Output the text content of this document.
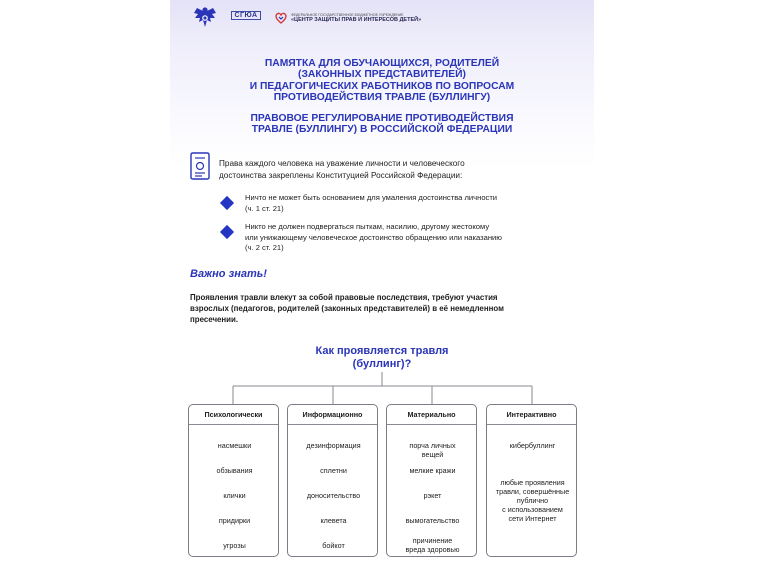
СГЮА
	ФЕДЕРАЛЬНОЕ ГОСУДАРСТВЕННОЕ БЮДЖЕТНОЕ УЧРЕЖДЕНИЕ
«ЦЕНТР ЗАЩИТЫ ПРАВ И ИНТЕРЕСОВ ДЕТЕЙ»
ПАМЯТКА ДЛЯ ОБУЧАЮЩИХСЯ, РОДИТЕЛЕЙ
(ЗАКОННЫХ ПРЕДСТАВИТЕЛЕЙ)
И ПЕДАГОГИЧЕСКИХ РАБОТНИКОВ ПО ВОПРОСАМ
ПРОТИВОДЕЙСТВИЯ ТРАВЛЕ (БУЛЛИНГУ)
ПРАВОВОЕ РЕГУЛИРОВАНИЕ ПРОТИВОДЕЙСТВИЯ
ТРАВЛЕ (БУЛЛИНГУ) В РОССИЙСКОЙ ФЕДЕРАЦИИ
Права каждого человека на уважение личности и человеческого
достоинства закреплены Конституцией Российской Федерации:
Ничто не может быть основанием для умаления достоинства личности
(ч. 1 ст. 21)
Никто не должен подвергаться пыткам, насилию, другому жестокому
или унижающему человеческое достоинство обращению или наказанию
(ч. 2 ст. 21)
Важно знать!
Проявления травли влекут за собой правовые последствия, требуют участия
взрослых (педагогов, родителей (законных представителей) в её немедленном
пресечении.
Как проявляется травля
(буллинг)?
Психологически
насмешки
обзывания
клички
придирки
угрозы
Информационно
дезинформация
сплетни
доносительство
клевета
бойкот
Материально
порча личных
вещей
мелкие кражи
рэкет
вымогательство
причинение
вреда здоровью
Интерактивно
кибербуллинг
любые проявления
травли, совершённые
публично
с использованием
сети Интернет
